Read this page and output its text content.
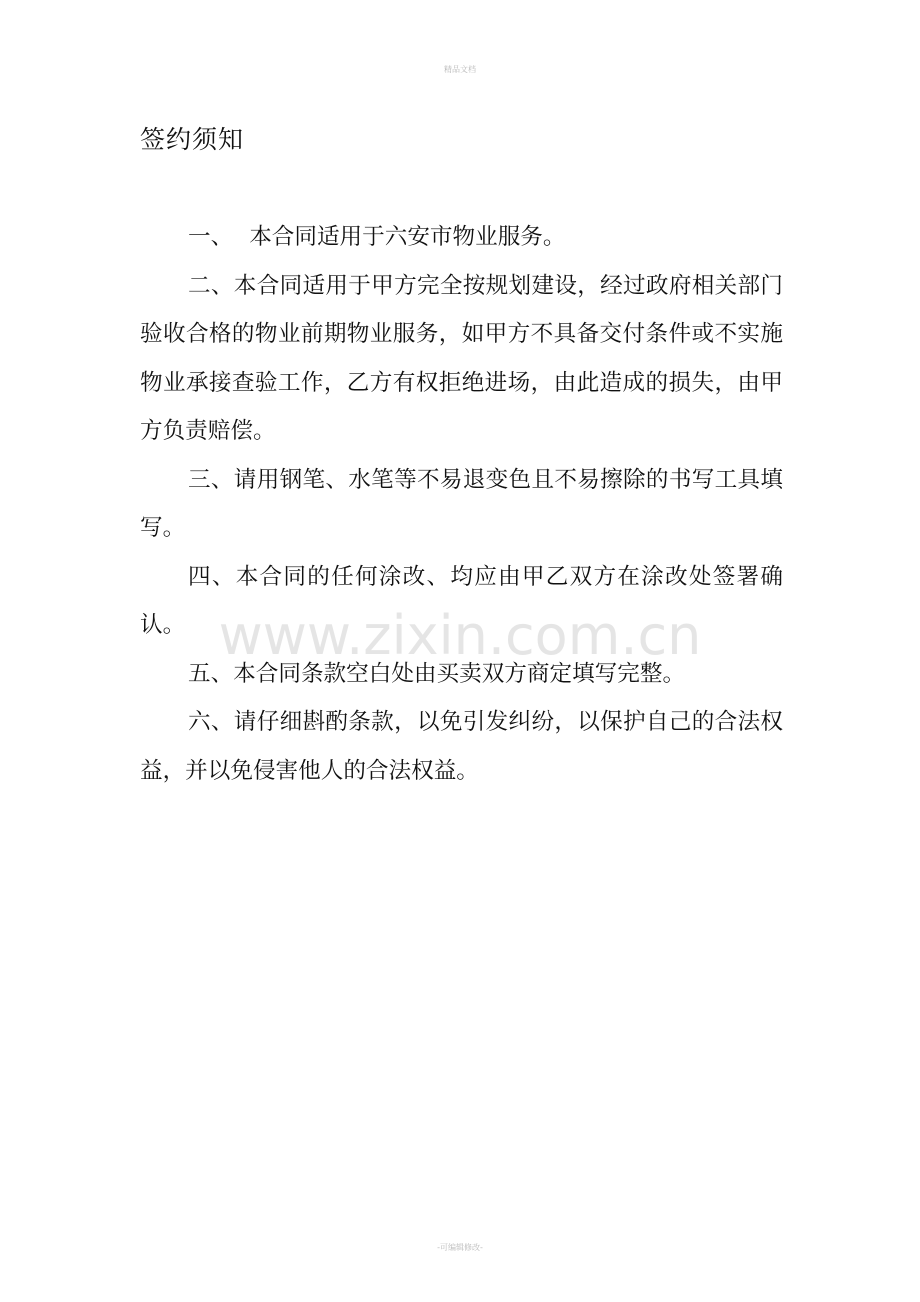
精品文档
签约须知

一、 本合同适用于六安市物业服务。

二、本合同适用于甲方完全按规划建设，经过政府相关部门验收合格的物业前期物业服务，如甲方不具备交付条件或不实施物业承接查验工作，乙方有权拒绝进场，由此造成的损失，由甲方负责赔偿。

三、请用钢笔、水笔等不易退变色且不易擦除的书写工具填写。

四、本合同的任何涂改、均应由甲乙双方在涂改处签署确认。

五、本合同条款空白处由买卖双方商定填写完整。

六、请仔细斟酌条款，以免引发纠纷，以保护自己的合法权益，并以免侵害他人的合法权益。

www.zixin.com.cn
-可编辑修改-
